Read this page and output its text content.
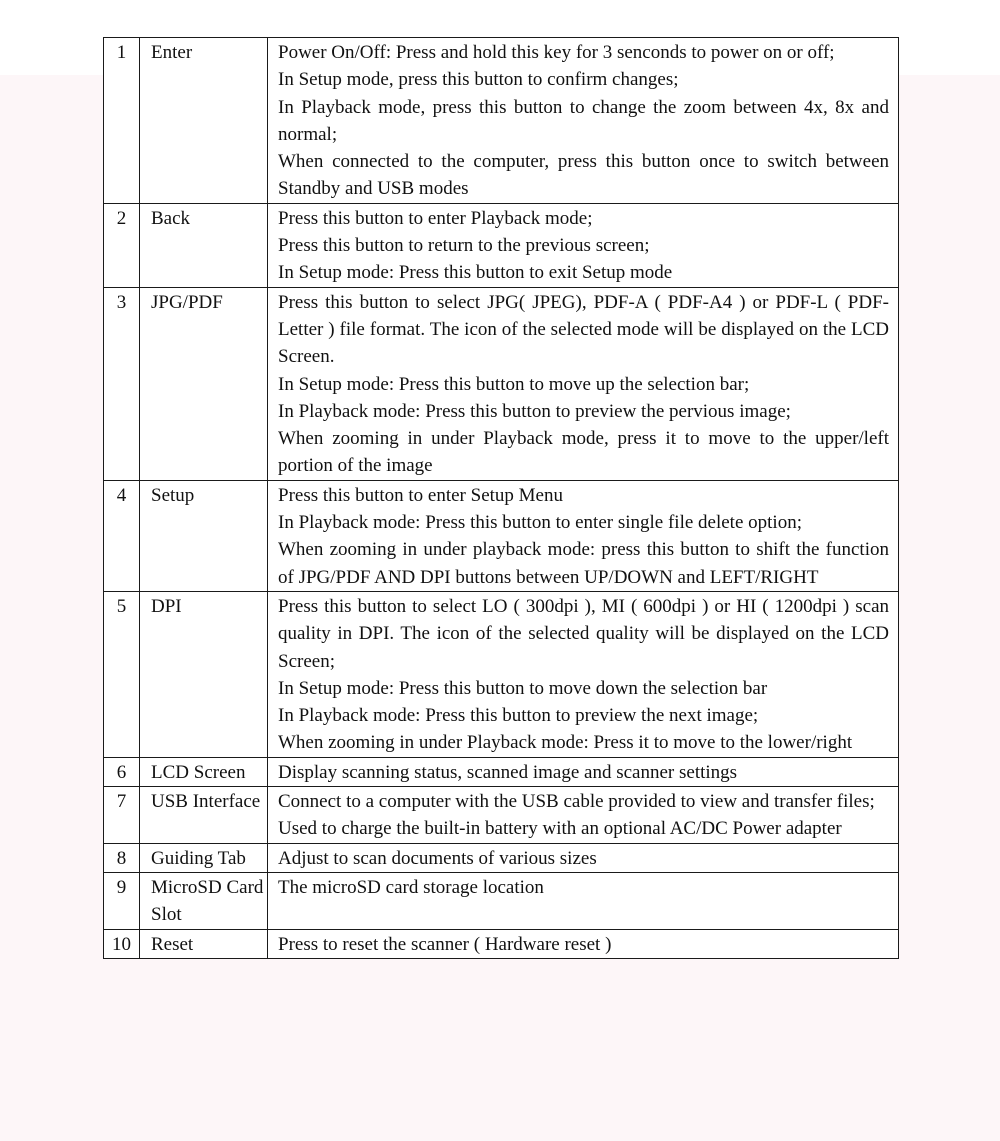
1	Enter	Power On/Off: Press and hold this key for 3 senconds to power on or off;
In Setup mode, press this button to confirm changes;
In Playback mode, press this button to change the zoom between 4x, 8x and normal;
When connected to the computer, press this button once to switch between Standby and USB modes

2	Back	Press this button to enter Playback mode;
Press this button to return to the previous screen;
In Setup mode: Press this button to exit Setup mode

3	JPG/PDF	Press this button to select JPG( JPEG), PDF-A ( PDF-A4 ) or PDF-L ( PDF-Letter ) file format. The icon of the selected mode will be displayed on the LCD Screen.
In Setup mode: Press this button to move up the selection bar;
In Playback mode: Press this button to preview the pervious image;
When zooming in under Playback mode, press it to move to the upper/left portion of the image

4	Setup	Press this button to enter Setup Menu
In Playback mode: Press this button to enter single file delete option;
When zooming in under playback mode: press this button to shift the function of JPG/PDF AND DPI buttons between UP/DOWN and LEFT/RIGHT

5	DPI	Press this button to select LO ( 300dpi ), MI ( 600dpi ) or HI ( 1200dpi ) scan quality in DPI. The icon of the selected quality will be displayed on the LCD Screen;
In Setup mode: Press this button to move down the selection bar
In Playback mode: Press this button to preview the next image;
When zooming in under Playback mode: Press it to move to the lower/right

6	LCD Screen	Display scanning status, scanned image and scanner settings

7	USB Interface	Connect to a computer with the USB cable provided to view and transfer files;
Used to charge the built-in battery with an optional AC/DC Power adapter

8	Guiding Tab	Adjust to scan documents of various sizes

9	MicroSD Card Slot	The microSD card storage location

10	Reset	Press to reset the scanner ( Hardware reset )
